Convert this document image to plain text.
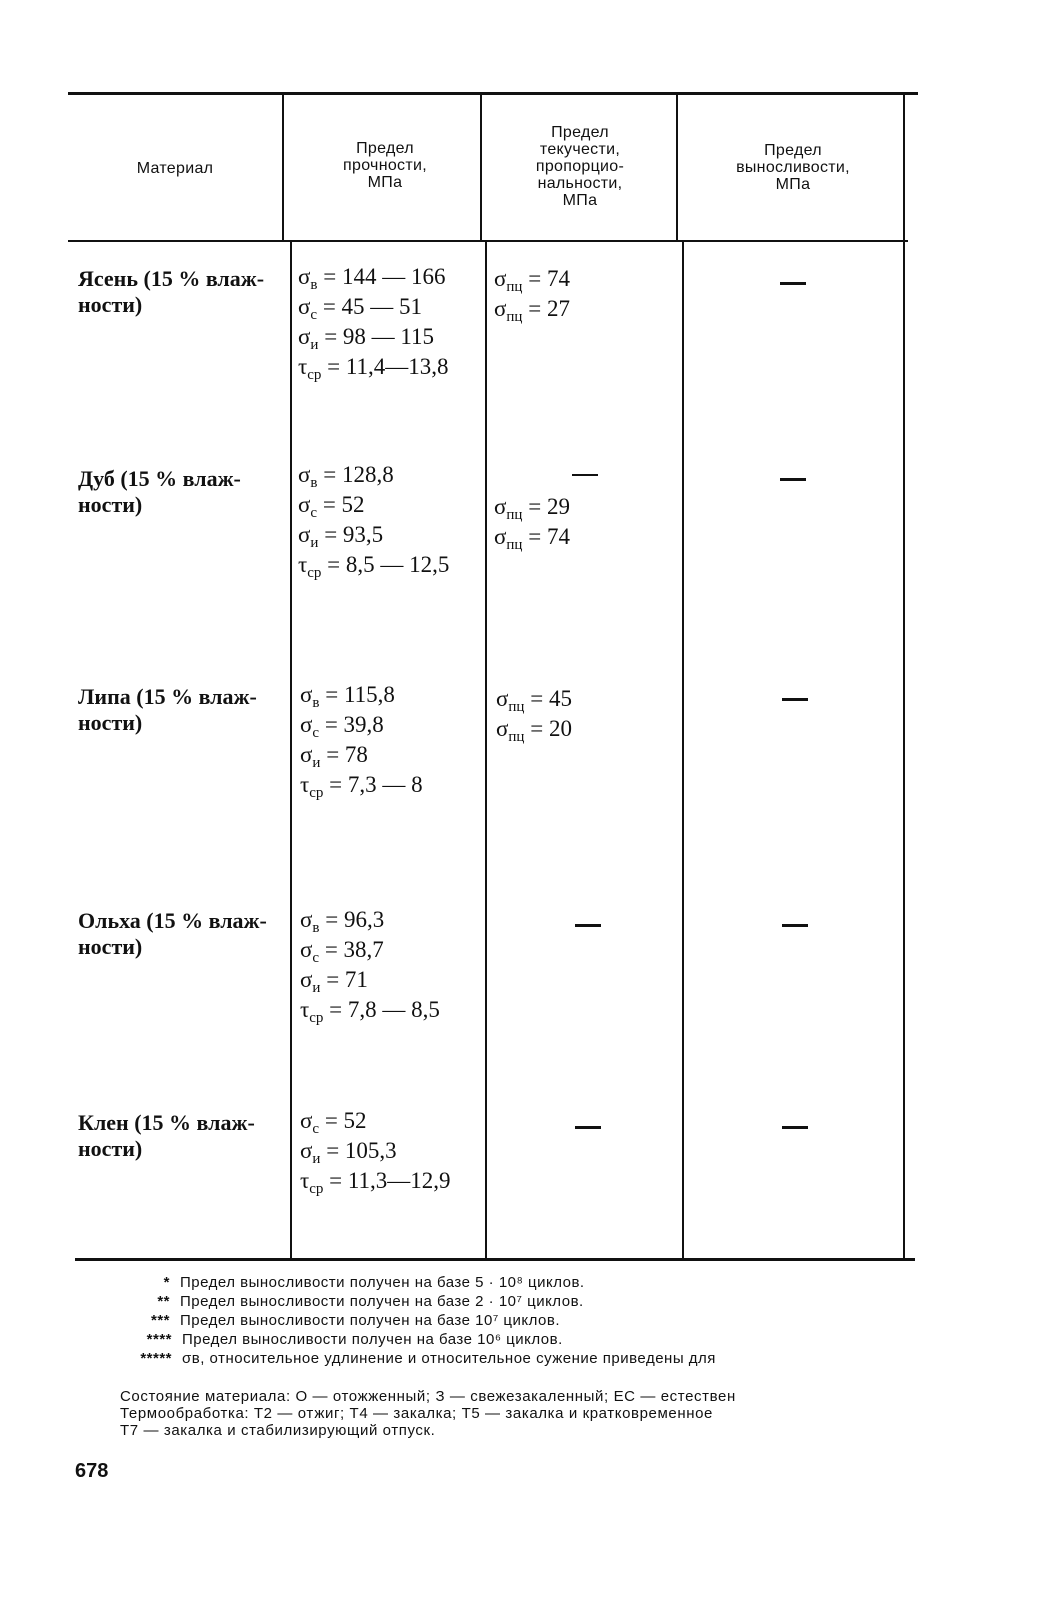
Материал
Предел
прочности,
МПа
Предел
текучести,
пропорцио-
нальности,
МПа
Предел
выносливости,
МПа
Ясень (15 % влаж-
ности)
$\sigma_в = 144$ — 166
$\sigma_с = 45$ — 51
$\sigma_и = 98$ — 115
$\tau_{ср}$ = 11,4—13,8
$\sigma_{пц} = 74$
$\sigma_{пц} = 27$
Дуб (15 % влаж-
ности)
$\sigma_в = 128,8$
$\sigma_с = 52$
$\sigma_и = 93,5$
$\tau_{ср} = 8,5$ — 12,5
$\sigma_{пц} = 29$
$\sigma_{пц} = 74$
Липа (15 % влаж-
ности)
$\sigma_в = 115,8$
$\sigma_с = 39,8$
$\sigma_и = 78$
$\tau_{ср} = 7,3$ — 8
$\sigma_{пц} = 45$
$\sigma_{пц} = 20$
Ольха (15 % влаж-
ности)
$\sigma_в = 96,3$
$\sigma_с = 38,7$
$\sigma_и = 71$
$\tau_{ср} = 7,8$ — 8,5
Клен (15 % влаж-
ности)
$\sigma_с = 52$
$\sigma_и = 105,3$
$\tau_{ср}$ = 11,3—12,9
* Предел выносливости получен на базе 5 · 10⁸ циклов.
** Предел выносливости получен на базе 2 · 10⁷ циклов.
*** Предел выносливости получен на базе 10⁷ циклов.
**** Предел выносливости получен на базе 10⁶ циклов.
***** σв, относительное удлинение и относительное сужение приведены для
Состояние материала: О — отожженный; З — свежезакаленный; ЕС — естествен
Термообработка: Т2 — отжиг; Т4 — закалка; Т5 — закалка и кратковременное
Т7 — закалка и стабилизирующий отпуск.
678
